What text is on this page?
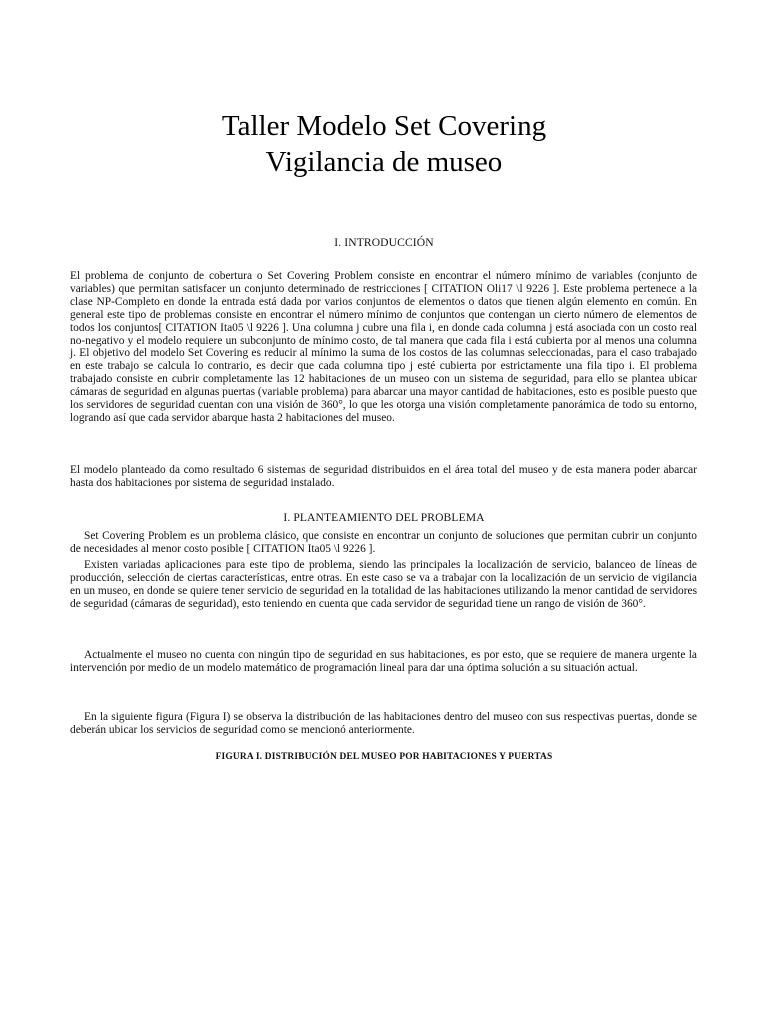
Taller Modelo Set Covering
Vigilancia de museo
I. INTRODUCCIÓN
El problema de conjunto de cobertura o Set Covering Problem consiste en encontrar el número mínimo de variables (conjunto de variables) que permitan satisfacer un conjunto determinado de restricciones [ CITATION Oli17 \l 9226 ]. Este problema pertenece a la clase NP-Completo en donde la entrada está dada por varios conjuntos de elementos o datos que tienen algún elemento en común. En general este tipo de problemas consiste en encontrar el número mínimo de conjuntos que contengan un cierto número de elementos de todos los conjuntos[ CITATION Ita05 \l 9226 ]. Una columna j cubre una fila i, en donde cada columna j está asociada con un costo real no-negativo y el modelo requiere un subconjunto de mínimo costo, de tal manera que cada fila i está cubierta por al menos una columna j. El objetivo del modelo Set Covering es reducir al mínimo la suma de los costos de las columnas seleccionadas, para el caso trabajado en este trabajo se calcula lo contrario, es decir que cada columna tipo j esté cubierta por estrictamente una fila tipo i. El problema trabajado consiste en cubrir completamente las 12 habitaciones de un museo con un sistema de seguridad, para ello se plantea ubicar cámaras de seguridad en algunas puertas (variable problema) para abarcar una mayor cantidad de habitaciones, esto es posible puesto que los servidores de seguridad cuentan con una visión de 360°, lo que les otorga una visión completamente panorámica de todo su entorno, logrando así que cada servidor abarque hasta 2 habitaciones del museo.
El modelo planteado da como resultado 6 sistemas de seguridad distribuidos en el área total del museo y de esta manera poder abarcar hasta dos habitaciones por sistema de seguridad instalado.
I. PLANTEAMIENTO DEL PROBLEMA
Set Covering Problem es un problema clásico, que consiste en encontrar un conjunto de soluciones que permitan cubrir un conjunto de necesidades al menor costo posible [ CITATION Ita05 \l 9226 ].
Existen variadas aplicaciones para este tipo de problema, siendo las principales la localización de servicio, balanceo de líneas de producción, selección de ciertas características, entre otras. En este caso se va a trabajar con la localización de un servicio de vigilancia en un museo, en donde se quiere tener servicio de seguridad en la totalidad de las habitaciones utilizando la menor cantidad de servidores de seguridad (cámaras de seguridad), esto teniendo en cuenta que cada servidor de seguridad tiene un rango de visión de 360°.
Actualmente el museo no cuenta con ningún tipo de seguridad en sus habitaciones, es por esto, que se requiere de manera urgente la intervención por medio de un modelo matemático de programación lineal para dar una óptima solución a su situación actual.
En la siguiente figura (Figura I) se observa la distribución de las habitaciones dentro del museo con sus respectivas puertas, donde se deberán ubicar los servicios de seguridad como se mencionó anteriormente.
FIGURA I. DISTRIBUCIÓN DEL MUSEO POR HABITACIONES Y PUERTAS
